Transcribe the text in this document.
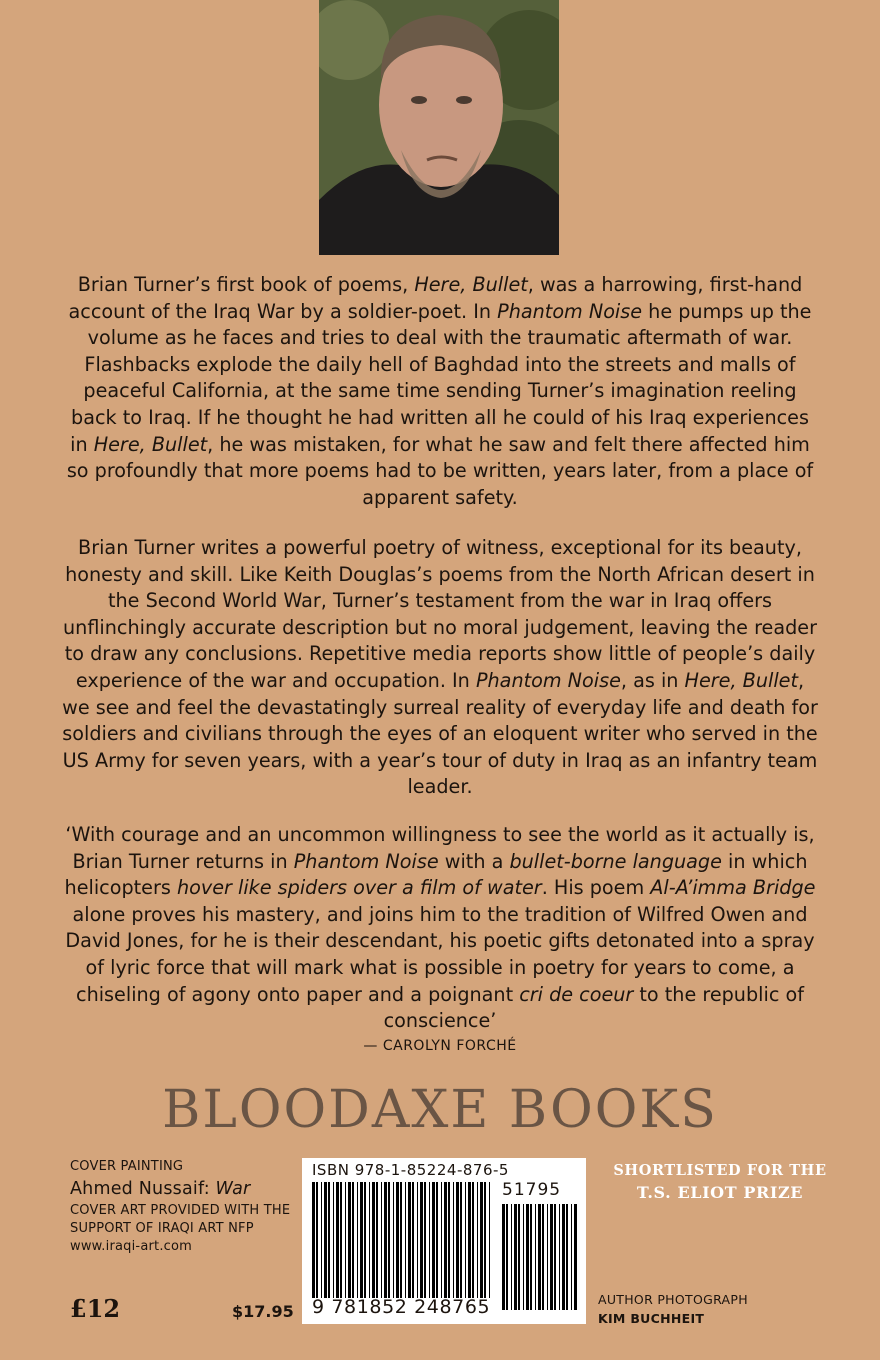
Brian Turner’s first book of poems, Here, Bullet, was a harrowing, first-hand account of the Iraq War by a soldier-poet. In Phantom Noise he pumps up the volume as he faces and tries to deal with the traumatic aftermath of war. Flashbacks explode the daily hell of Baghdad into the streets and malls of peaceful California, at the same time sending Turner’s imagination reeling back to Iraq. If he thought he had written all he could of his Iraq experiences in Here, Bullet, he was mistaken, for what he saw and felt there affected him so profoundly that more poems had to be written, years later, from a place of apparent safety.

Brian Turner writes a powerful poetry of witness, exceptional for its beauty, honesty and skill. Like Keith Douglas’s poems from the North African desert in the Second World War, Turner’s testament from the war in Iraq offers unflinchingly accurate description but no moral judgement, leaving the reader to draw any conclusions. Repetitive media reports show little of people’s daily experience of the war and occupation. In Phantom Noise, as in Here, Bullet, we see and feel the devastatingly surreal reality of everyday life and death for soldiers and civilians through the eyes of an eloquent writer who served in the US Army for seven years, with a year’s tour of duty in Iraq as an infantry team leader.

‘With courage and an uncommon willingness to see the world as it actually is, Brian Turner returns in Phantom Noise with a bullet-borne language in which helicopters hover like spiders over a film of water. His poem Al-A’imma Bridge alone proves his mastery, and joins him to the tradition of Wilfred Owen and David Jones, for he is their descendant, his poetic gifts detonated into a spray of lyric force that will mark what is possible in poetry for years to come, a chiseling of agony onto paper and a poignant cri de coeur to the republic of conscience’

— CAROLYN FORCHÉ
BLOODAXE BOOKS
COVER PAINTING
Ahmed Nussaif: War
COVER ART PROVIDED WITH THE
SUPPORT OF IRAQI ART NFP
www.iraqi-art.com
ISBN 978-1-85224-876-5
51795
9 781852 248765
SHORTLISTED FOR THE
T.S. ELIOT PRIZE
£12	$17.95
AUTHOR PHOTOGRAPH
KIM BUCHHEIT
